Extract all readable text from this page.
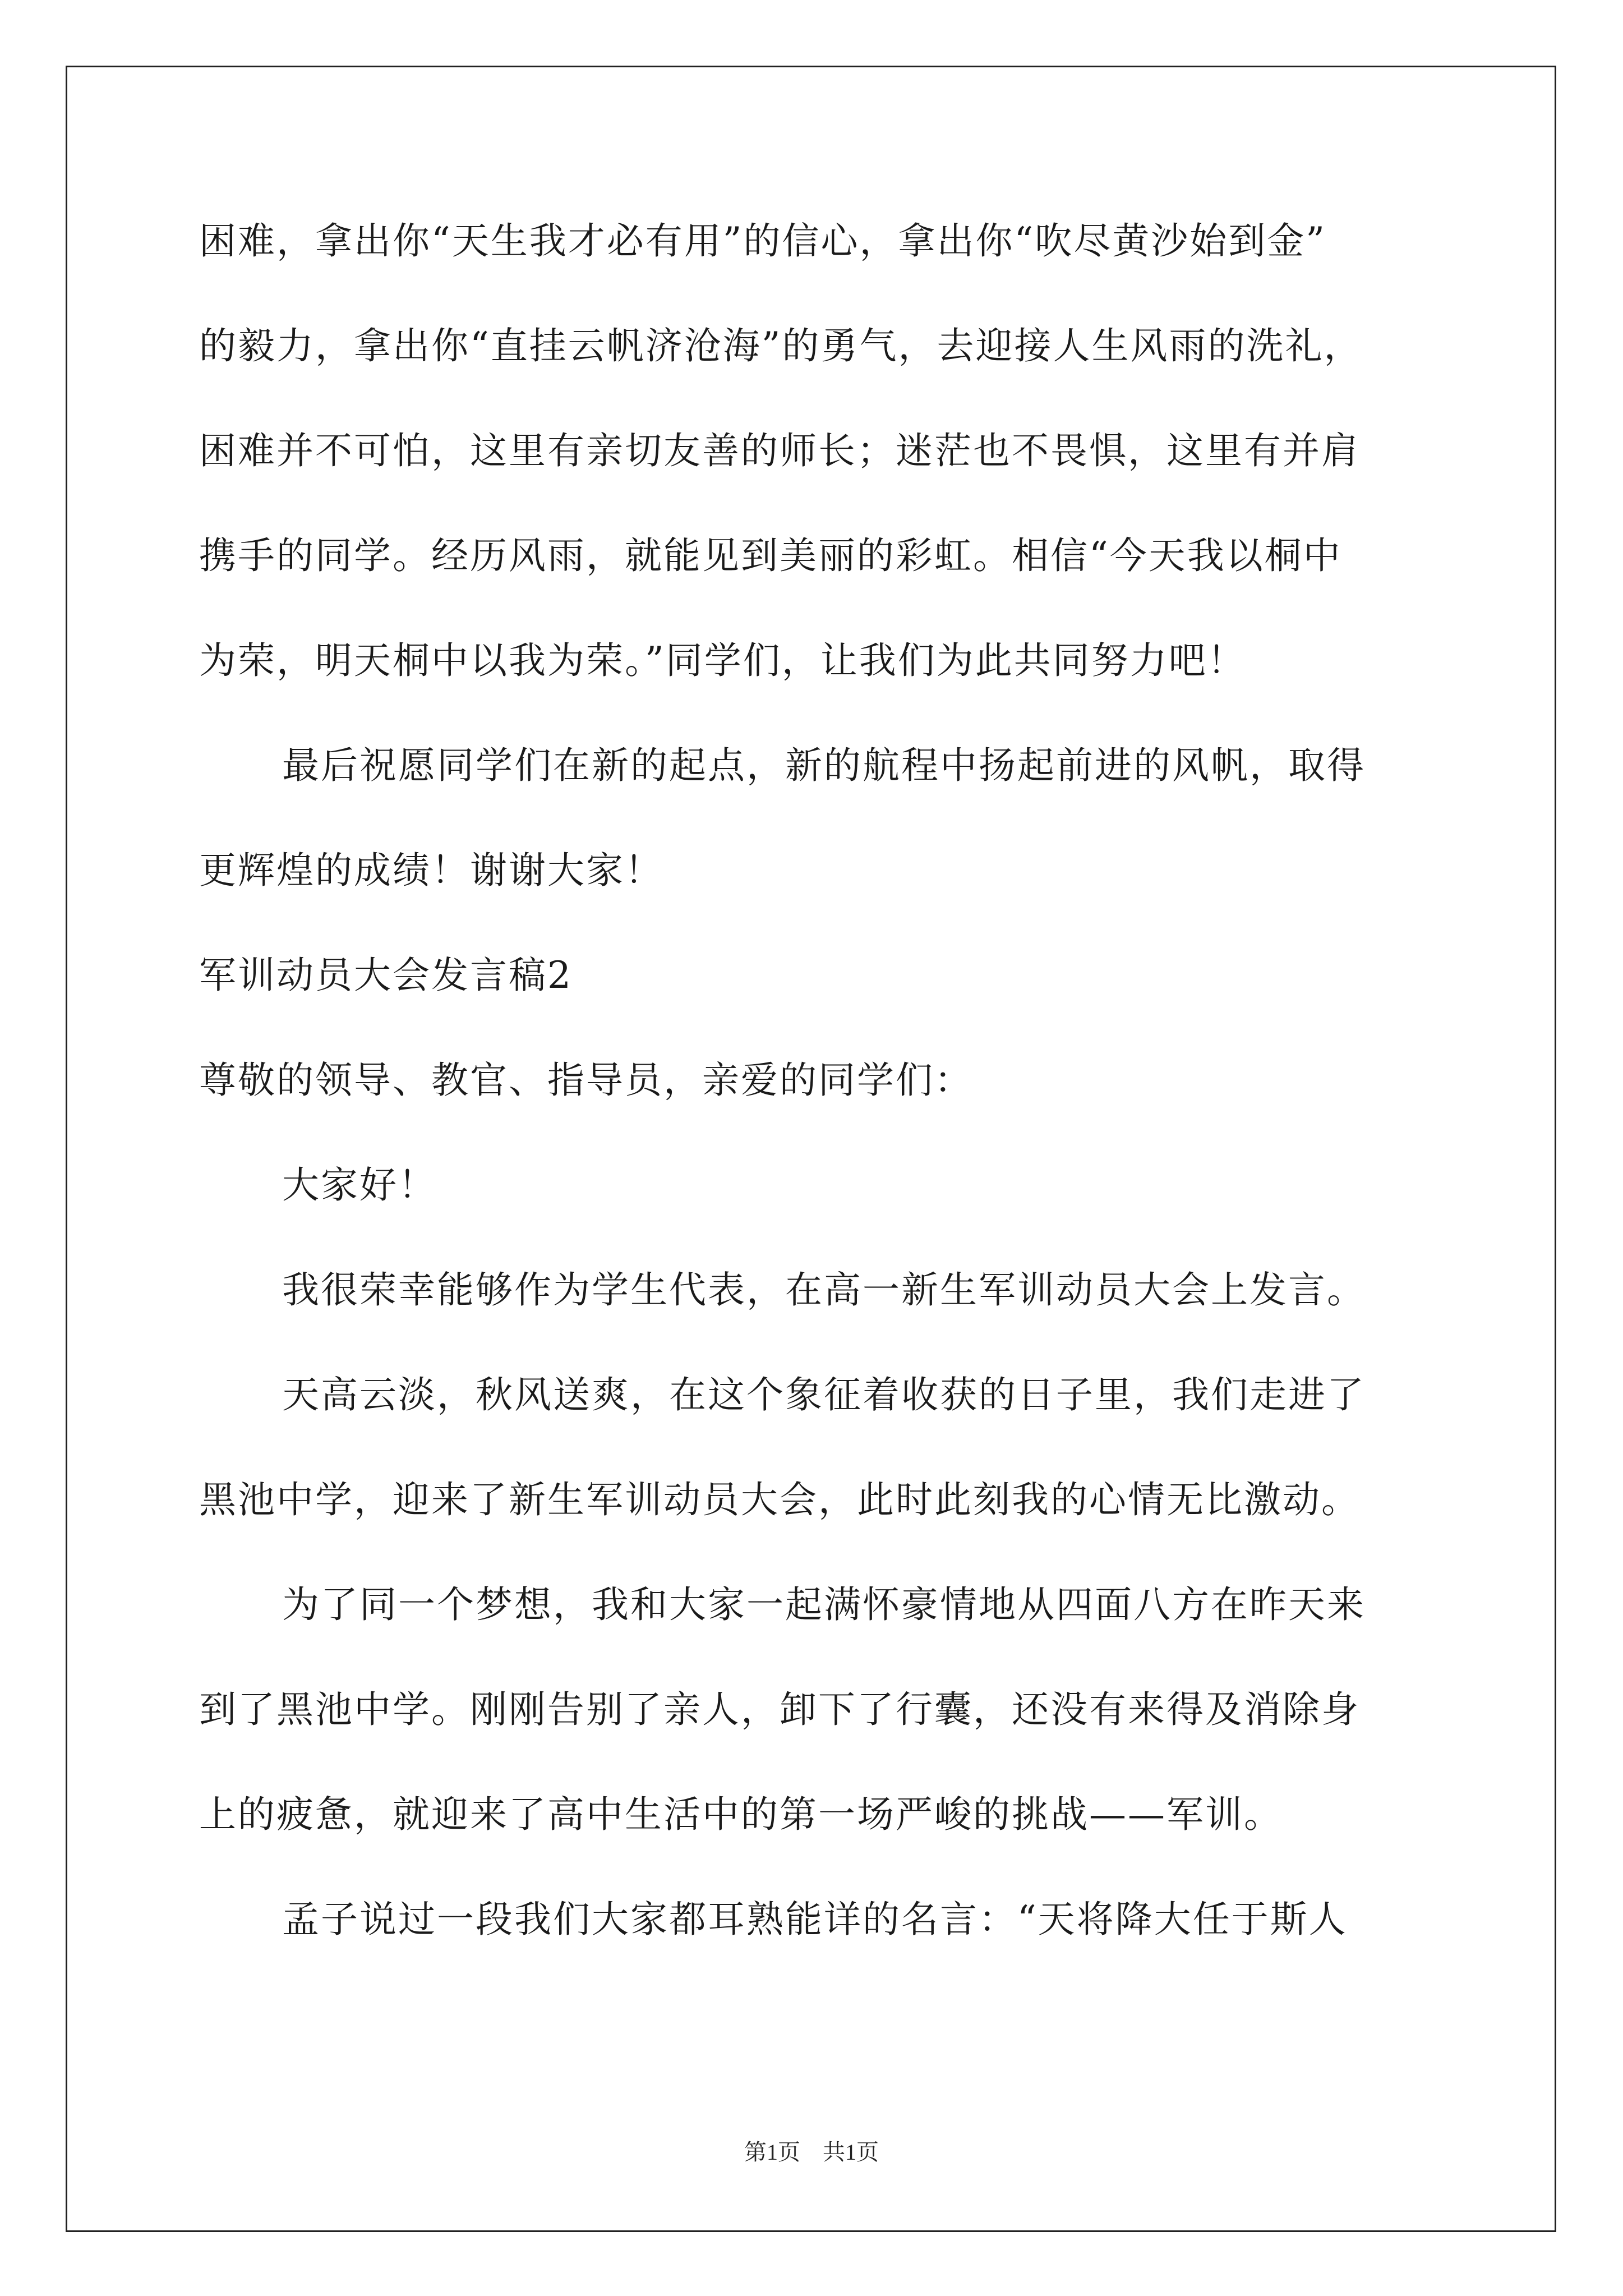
困难，拿出你“天生我才必有用”的信心，拿出你“吹尽黄沙始到金”
的毅力，拿出你“直挂云帆济沧海”的勇气，去迎接人生风雨的洗礼，
困难并不可怕，这里有亲切友善的师长；迷茫也不畏惧，这里有并肩
携手的同学。经历风雨，就能见到美丽的彩虹。相信“今天我以桐中
为荣，明天桐中以我为荣。”同学们，让我们为此共同努力吧！
最后祝愿同学们在新的起点，新的航程中扬起前进的风帆，取得
更辉煌的成绩！谢谢大家！
军训动员大会发言稿2
尊敬的领导、教官、指导员，亲爱的同学们：
大家好！
我很荣幸能够作为学生代表，在高一新生军训动员大会上发言。
天高云淡，秋风送爽，在这个象征着收获的日子里，我们走进了
黑池中学，迎来了新生军训动员大会，此时此刻我的心情无比激动。
为了同一个梦想，我和大家一起满怀豪情地从四面八方在昨天来
到了黑池中学。刚刚告别了亲人，卸下了行囊，还没有来得及消除身
上的疲惫，就迎来了高中生活中的第一场严峻的挑战——军训。
孟子说过一段我们大家都耳熟能详的名言：“天将降大任于斯人
第1页　共1页
